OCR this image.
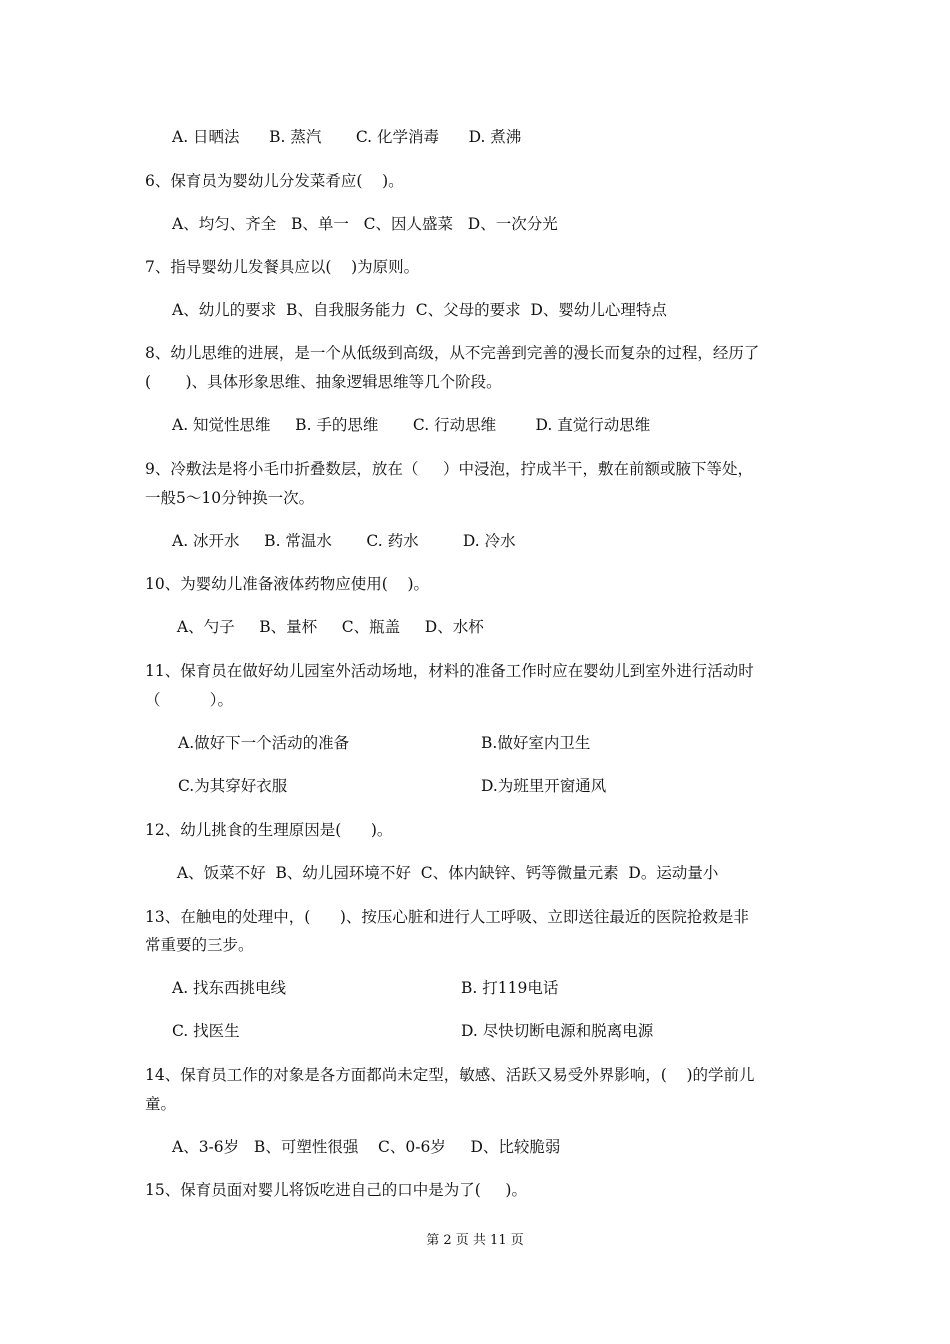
A. 日晒法      B. 蒸汽       C. 化学消毒      D. 煮沸
6、保育员为婴幼儿分发菜肴应(    )。
A、均匀、齐全   B、单一   C、因人盛菜   D、一次分光
7、指导婴幼儿发餐具应以(    )为原则。
A、幼儿的要求  B、自我服务能力  C、父母的要求  D、婴幼儿心理特点
8、幼儿思维的进展，是一个从低级到高级，从不完善到完善的漫长而复杂的过程，经历了
(       )、具体形象思维、抽象逻辑思维等几个阶段。
A. 知觉性思维     B. 手的思维       C. 行动思维        D. 直觉行动思维
9、冷敷法是将小毛巾折叠数层，放在（     ）中浸泡，拧成半干，敷在前额或腋下等处，
一般5～10分钟换一次。
A. 冰开水     B. 常温水       C. 药水         D. 冷水
10、为婴幼儿准备液体药物应使用(    )。
A、勺子     B、量杯     C、瓶盖     D、水杯
11、保育员在做好幼儿园室外活动场地，材料的准备工作时应在婴幼儿到室外进行活动时
（          ）。
A.做好下一个活动的准备	B.做好室内卫生
C.为其穿好衣服	D.为班里开窗通风
12、幼儿挑食的生理原因是(      )。
A、饭菜不好  B、幼儿园环境不好  C、体内缺锌、钙等微量元素  D。运动量小
13、在触电的处理中，(      )、按压心脏和进行人工呼吸、立即送往最近的医院抢救是非
常重要的三步。
A. 找东西挑电线	B. 打119电话
C. 找医生	D. 尽快切断电源和脱离电源
14、保育员工作的对象是各方面都尚未定型，敏感、活跃又易受外界影响，(    )的学前儿
童。
A、3-6岁   B、可塑性很强    C、0-6岁     D、比较脆弱
15、保育员面对婴儿将饭吃进自己的口中是为了(     )。
第 2 页 共 11 页
